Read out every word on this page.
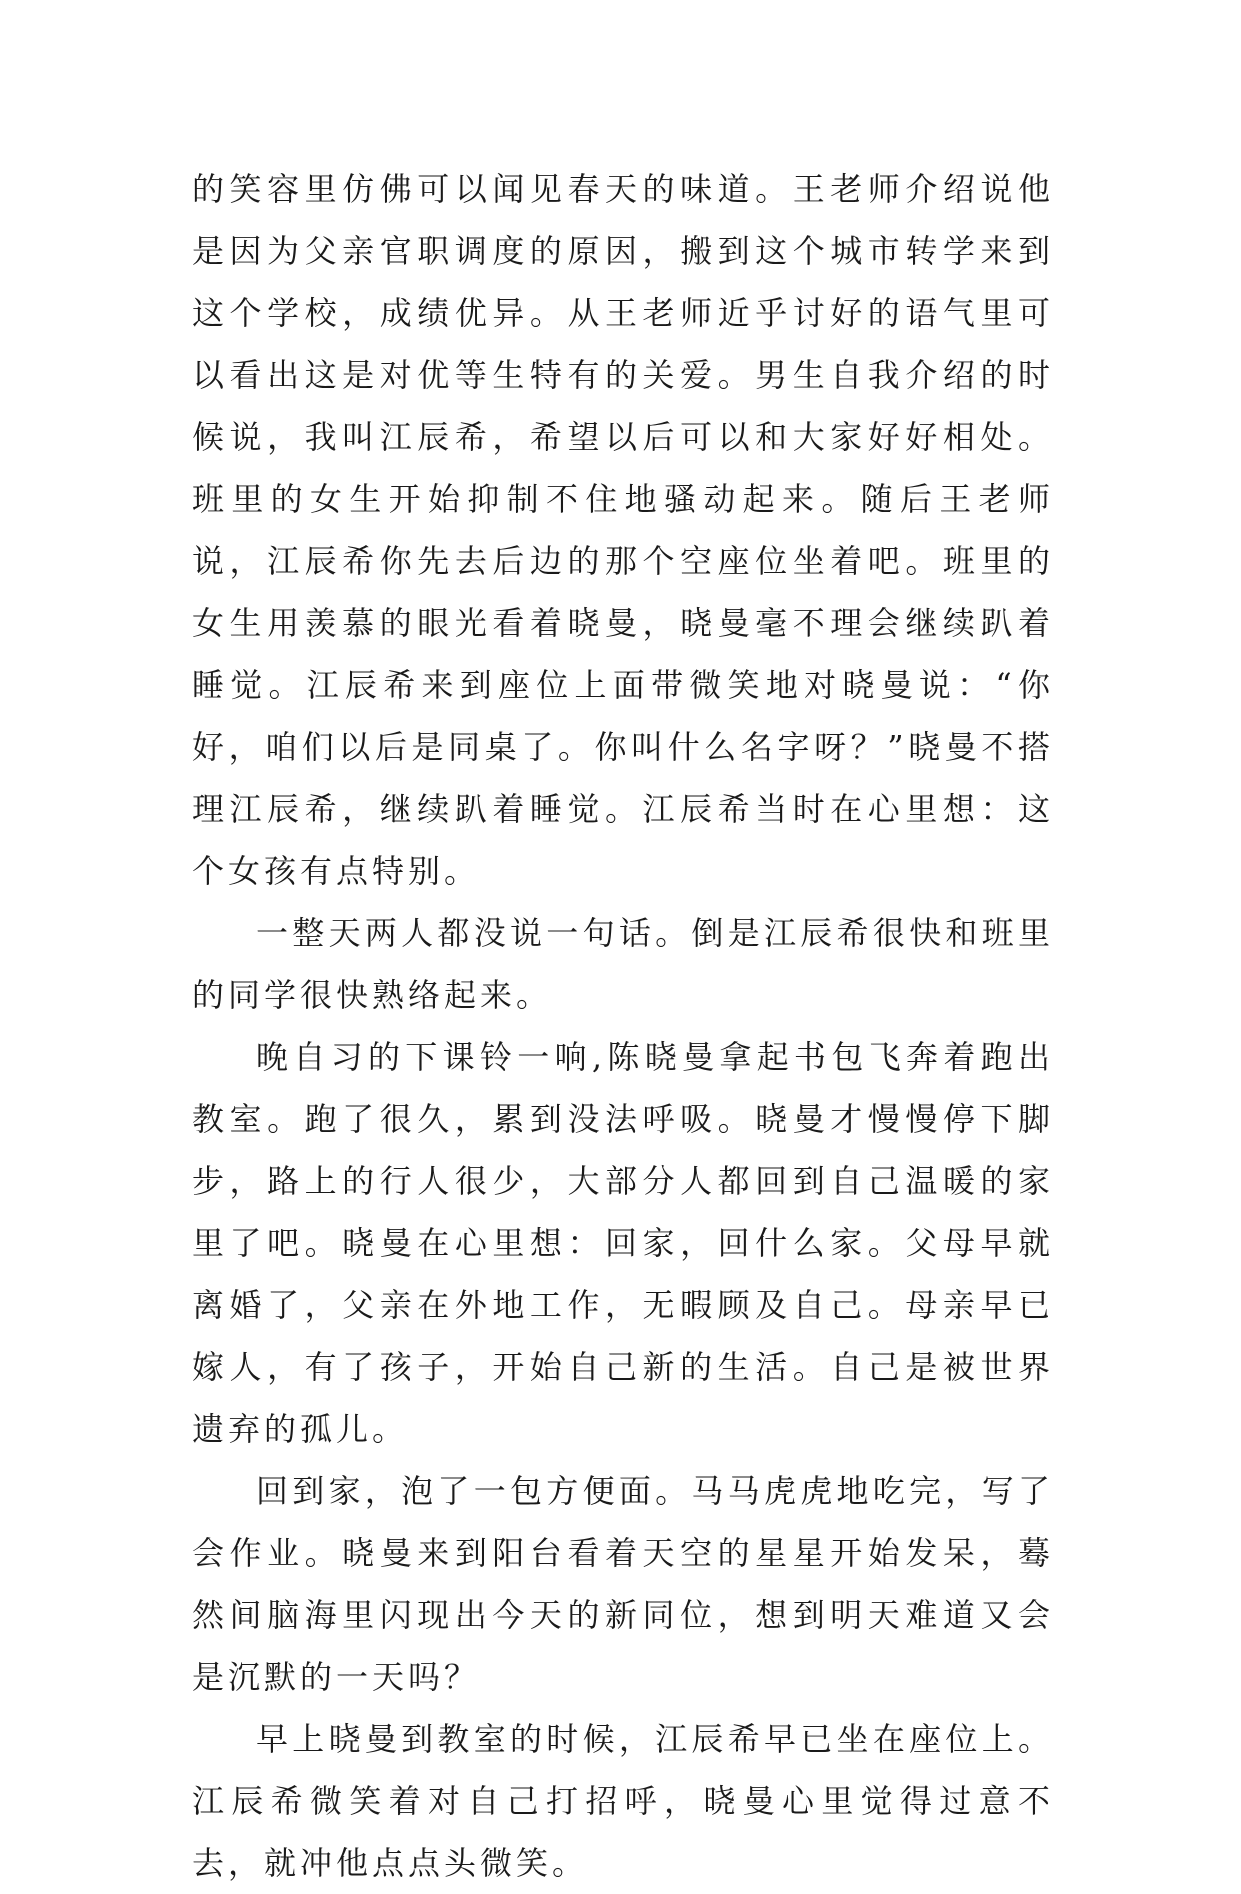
的笑容里仿佛可以闻见春天的味道。王老师介绍说他是因为父亲官职调度的原因，搬到这个城市转学来到这个学校，成绩优异。从王老师近乎讨好的语气里可以看出这是对优等生特有的关爱。男生自我介绍的时候说，我叫江辰希，希望以后可以和大家好好相处。班里的女生开始抑制不住地骚动起来。随后王老师说，江辰希你先去后边的那个空座位坐着吧。班里的女生用羡慕的眼光看着晓曼，晓曼毫不理会继续趴着睡觉。江辰希来到座位上面带微笑地对晓曼说：“你好，咱们以后是同桌了。你叫什么名字呀？”晓曼不搭理江辰希，继续趴着睡觉。江辰希当时在心里想：这个女孩有点特别。

一整天两人都没说一句话。倒是江辰希很快和班里的同学很快熟络起来。

晚自习的下课铃一响,陈晓曼拿起书包飞奔着跑出教室。跑了很久，累到没法呼吸。晓曼才慢慢停下脚步，路上的行人很少，大部分人都回到自己温暖的家里了吧。晓曼在心里想：回家，回什么家。父母早就离婚了，父亲在外地工作，无暇顾及自己。母亲早已嫁人，有了孩子，开始自己新的生活。自己是被世界遗弃的孤儿。

回到家，泡了一包方便面。马马虎虎地吃完，写了会作业。晓曼来到阳台看着天空的星星开始发呆，蓦然间脑海里闪现出今天的新同位，想到明天难道又会是沉默的一天吗？

早上晓曼到教室的时候，江辰希早已坐在座位上。江辰希微笑着对自己打招呼，晓曼心里觉得过意不去，就冲他点点头微笑。
